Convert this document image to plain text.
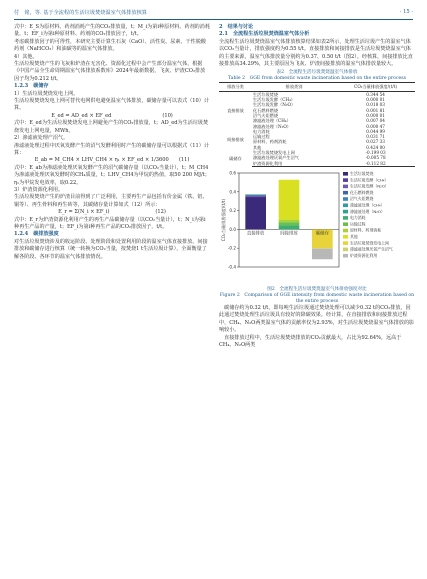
付　铭，等. 基于全流程的生活垃圾焚烧温室气体排放核算	· 15 ·

式中：E_S为原材料、药剂消耗产生的CO₂排放量，t；M_i为第i种原材料、药剂的消耗量，t；EF_i为第i种原材料、药剂的CO₂排放因子，t/t。

考虑碳排放因子的可得性，本研究主要计算生石灰（CaO）、活性炭、尿素、干性脱酸药剂（NaHCO₃）和油碳等的温室气体排放。

4）其他。

生活垃圾焚烧产生的飞灰和炉渣在无害化、资源化过程中会产生部分温室气体，根据《中国产品全生命周期温室气体排放系数库》2024年最新数据，飞灰、炉渣CO₂排放因子均为0.212 t/t。

1.2.3　碳储存

1）生活垃圾焚烧发电上网。

生活垃圾焚烧发电上网可替代电网供电避免温室气体排放，碳储存量可以表式（10）计算。

E_ed = AD_ed × EF_ed　　　　　　　　　　(10)

式中：E_ed为生活垃圾焚烧发电上网避免产生的CO₂排放量，t；AD_ed为生活垃圾焚烧发电上网电量，MWh。

2）渗滤液处理产沼气。

渗滤液处理过程中厌氧发酵产生的沼气发酵利用时产生的碳储存量可以根据式（11）计算：

E_ab = M_CH4 × LHV_CH4 × η₁ × EF_ed × 1/3600　　(11)

式中：E_ab为渗滤液处理厌氧发酵产生的沼气碳储存量（以CO₂当量计），t；M_CH4为渗滤液处理厌氧发酵时的CH₄质量，t；LHV_CH4为甲烷的热值，取50 200 MJ/t；η₁为甲烷发电效率，取0.22。

3）炉渣资源化利用。

生活垃圾焚烧产生的炉渣目前得到了广泛利用，主要再生产品包括有价金属（铁、铝、铜等）、再生骨料和再生砖等，其碳储存量计算如式（12）所示：

E_r = Σ(N_i × EF_i)　　　　　　　　　(12)

式中：E_r为炉渣资源化利用产生的再生产品碳储存量（以CO₂当量计），t；N_i为第i种再生产品的产量，t；EF_i为第i种再生产品的CO₂排放因子，t/t。

1.2.4　碳排放强度

对生活垃圾焚烧涉及的收运阶段、处理阶段和处置利用阶段的温室气体直接排放、间接排放和碳储存进行核算（统一转换为CO₂当量，按焚烧1 t生活垃圾计算），全面衡量了解各阶段、各环节的温室气体排放情况。

2　结果与讨论

2.1　全流程生活垃圾焚烧温室气体分析

全流程生活垃圾焚烧温室气体排放核算结果如表2所示，处理生活垃圾产生的温室气体以CO₂当量计，排放强度约为0.55 t/t。直接排放和间接排放是生活垃圾焚烧温室气体的主要来源，温室气体排放量分别约为0.37、0.50 t/t（图2）。经核算，间接排放比直接排放高34.29%，其主要原因为飞灰、炉渣间接排放的温室气体排放量较大。

表2　全流程生活垃圾焚烧温室气体排放
Table 2　GGE from domestic waste incineration based on the entire process
排放分类	排放类别	CO₂当量排放强度/(t/t)
直接排放	生活垃圾焚烧	0.344 54
	生活垃圾发酵（CH₄）	0.000 01
	生活垃圾发酵（N₂O）	0.018 03
	化石燃料燃烧	0.001 81
	沼气火炬燃烧	0.000 01
	渗滤液处理（CH₄）	0.007 04
	渗滤液处理（N₂O）	0.000 47
间接排放	电力消耗	0.044 99
	运输过程	0.031 71
	原材料、药剂消耗	0.027 33
	其他	0.424 00
碳储存	生活垃圾焚烧发电上网	-0.199 03
	渗滤液处理厌氧产生沼气	-0.005 78
	炉渣资源化利用	-0.112 82
-0.4
-0.2
0.0
0.2
0.4
0.6
CO₂当量排放强度/(t/t)	直接排放	间接排放	碳储存
生活垃圾焚烧
生活垃圾发酵（CH₄）
生活垃圾发酵（N₂O）
化石燃料燃烧
沼气火炬燃烧
渗滤液处理（CH₄）
渗滤液处理（N₂O）
电力消耗
运输过程
原材料、药剂消耗
其他
生活垃圾焚烧发电上网
渗滤液处理厌氧产生沼气
炉渣资源化利用
图2　全流程生活垃圾焚烧温室气体排放强度对比
Figure 2　Comparison of GGE intensity from domestic waste incineration based on the entire process

碳储存约为0.32 t/t，即每吨生活垃圾通过焚烧处理可以减少0.32 t的CO₂排放，因此通过焚烧处理生活垃圾具有较好的降碳效果。经计算，在直接排放和间接排放过程中，CH₄、N₂O两类温室气体的贡献率仅为2.93%，对生活垃圾焚烧温室气体排放的影响较小。

直接排放过程中，生活垃圾焚烧排放的CO₂贡献最大，占比为92.64%，远高于CH₄、N₂O两类
